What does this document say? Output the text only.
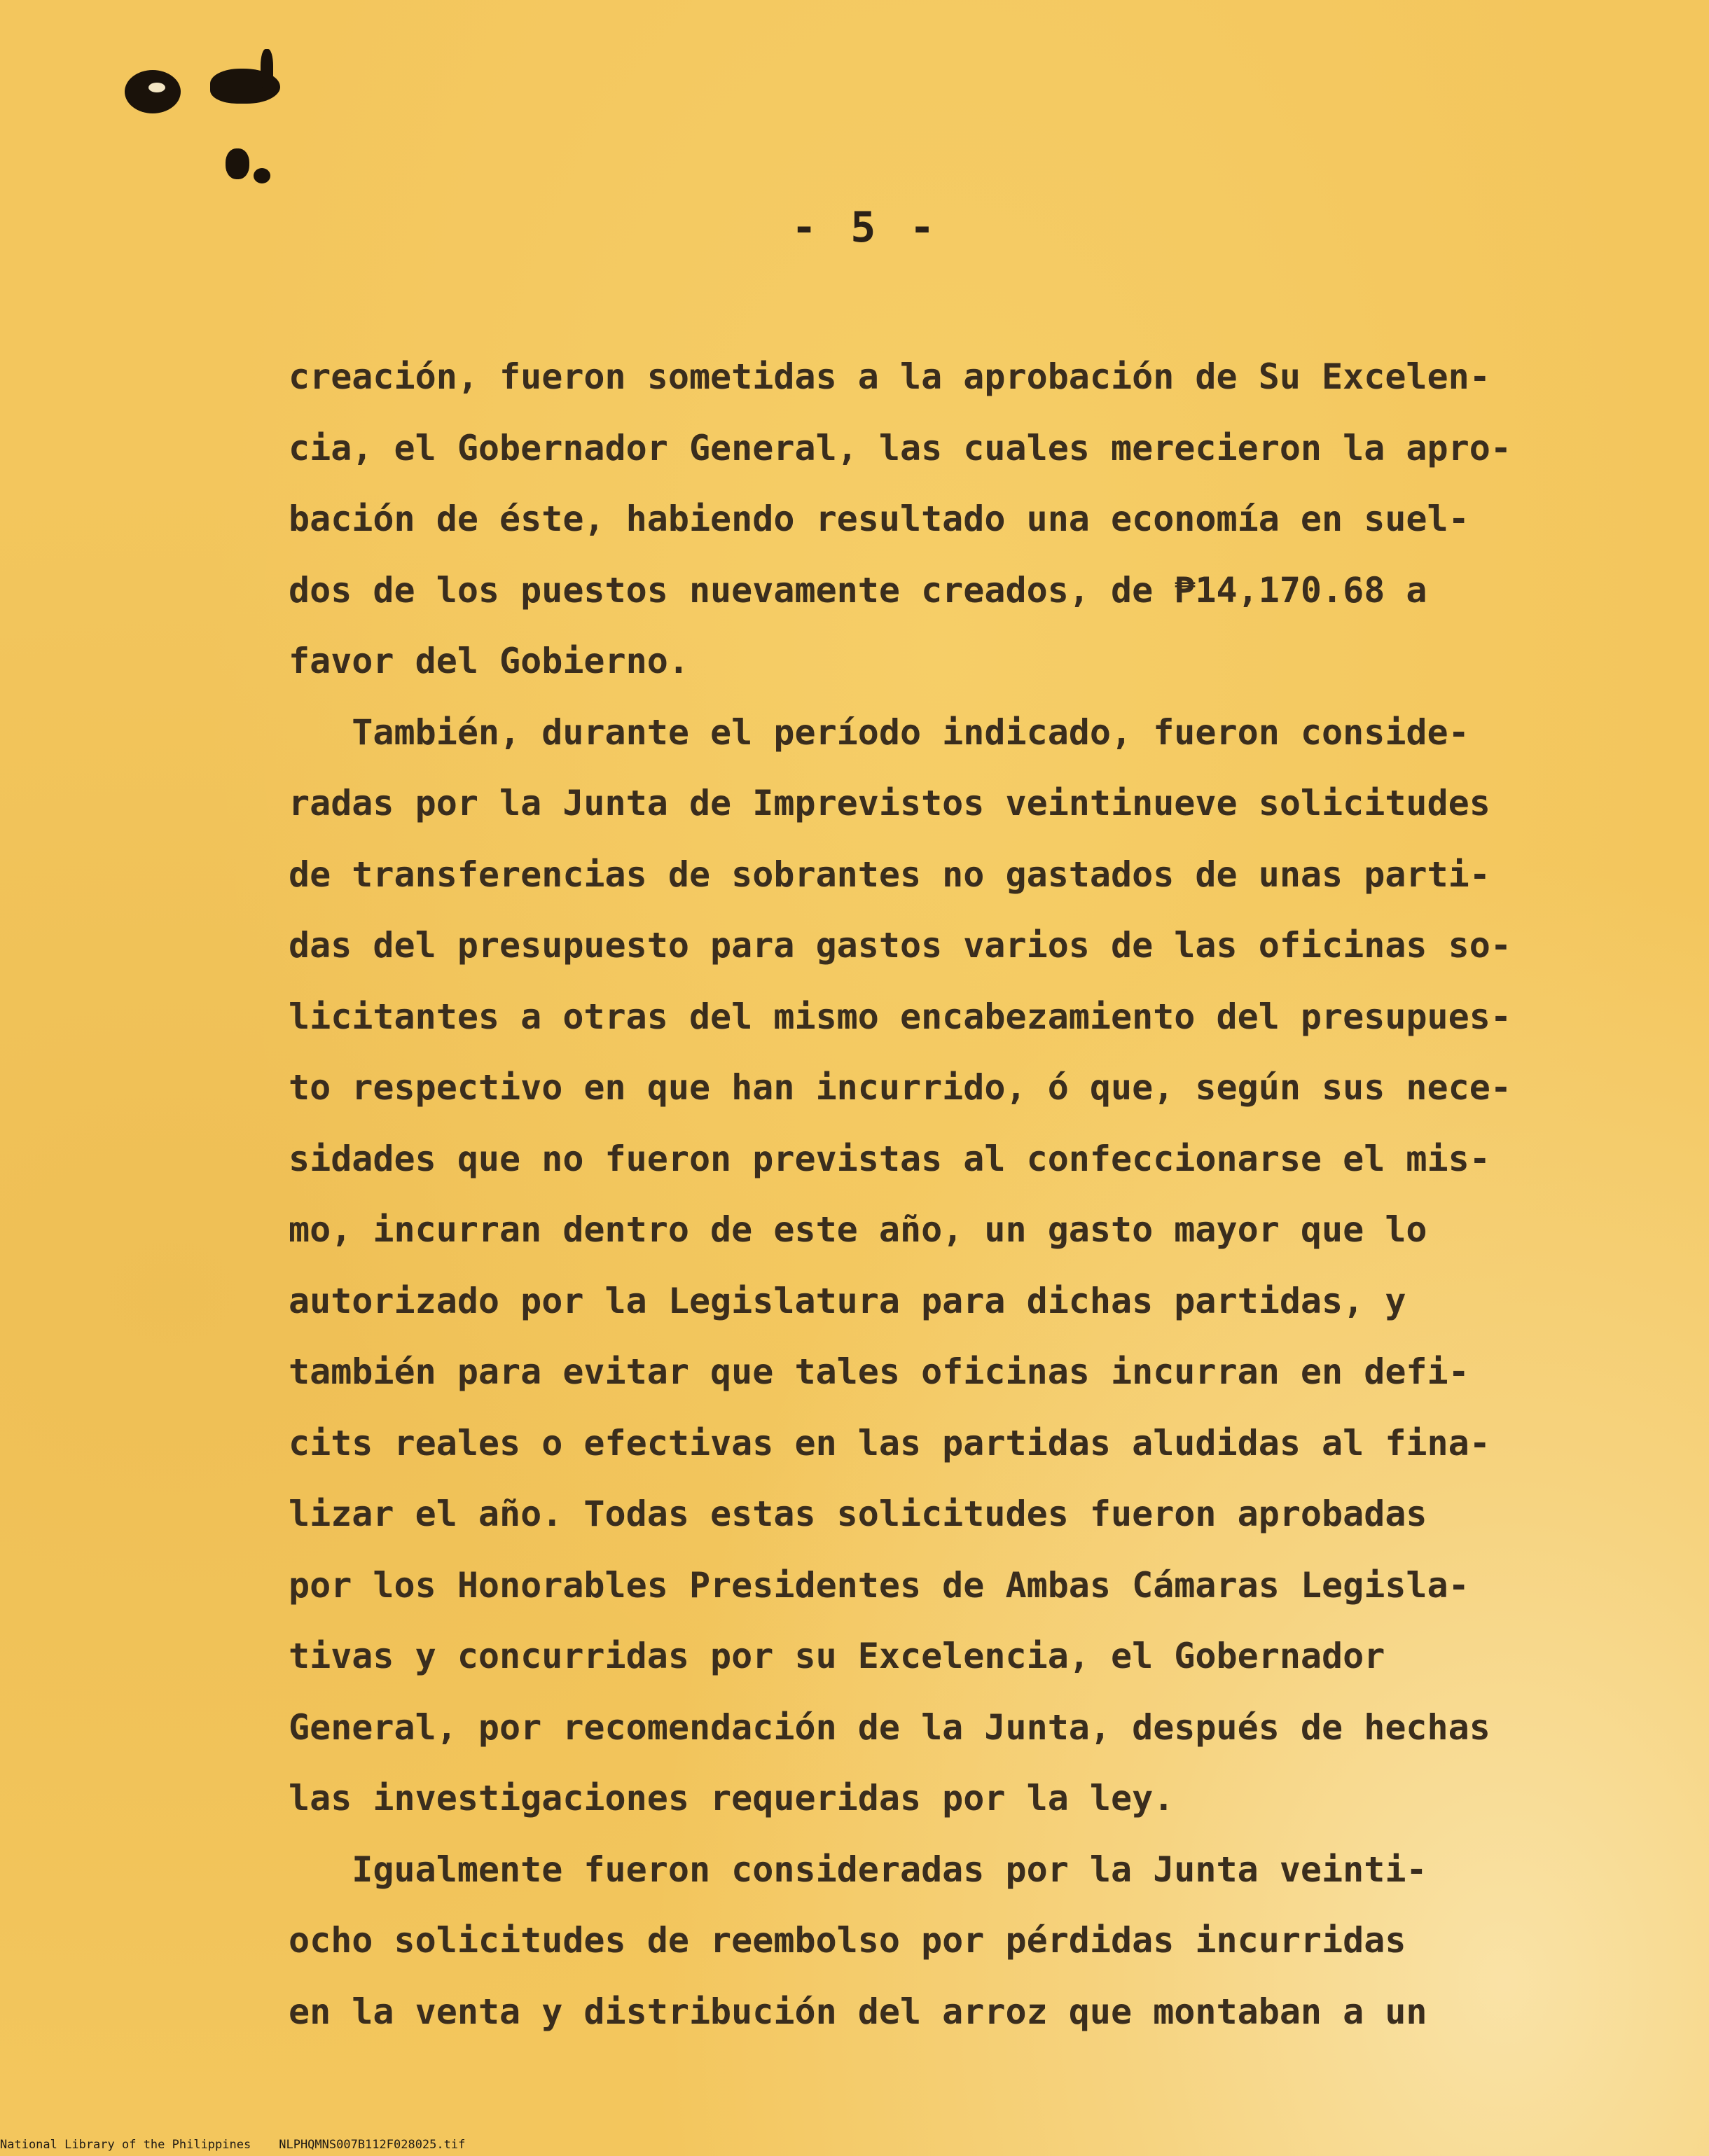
- 5 -
creación, fueron sometidas a la aprobación de Su Excelen-
cia, el Gobernador General, las cuales merecieron la apro-
bación de éste, habiendo resultado una economía en suel-
dos de los puestos nuevamente creados, de ₱14,170.68 a
favor del Gobierno.
También, durante el período indicado, fueron conside-
radas por la Junta de Imprevistos veintinueve solicitudes
de transferencias de sobrantes no gastados de unas parti-
das del presupuesto para gastos varios de las oficinas so-
licitantes a otras del mismo encabezamiento del presupues-
to respectivo en que han incurrido, ó que, según sus nece-
sidades que no fueron previstas al confeccionarse el mis-
mo, incurran dentro de este año, un gasto mayor que lo
autorizado por la Legislatura para dichas partidas, y
también para evitar que tales oficinas incurran en defi-
cits reales o efectivas en las partidas aludidas al fina-
lizar el año. Todas estas solicitudes fueron aprobadas
por los Honorables Presidentes de Ambas Cámaras Legisla-
tivas y concurridas por su Excelencia, el Gobernador
General, por recomendación de la Junta, después de hechas
las investigaciones requeridas por la ley.
Igualmente fueron consideradas por la Junta veinti-
ocho solicitudes de reembolso por pérdidas incurridas
en la venta y distribución del arroz que montaban a un
National Library of the Philippines NLPHQMNS007B112F028025.tif
